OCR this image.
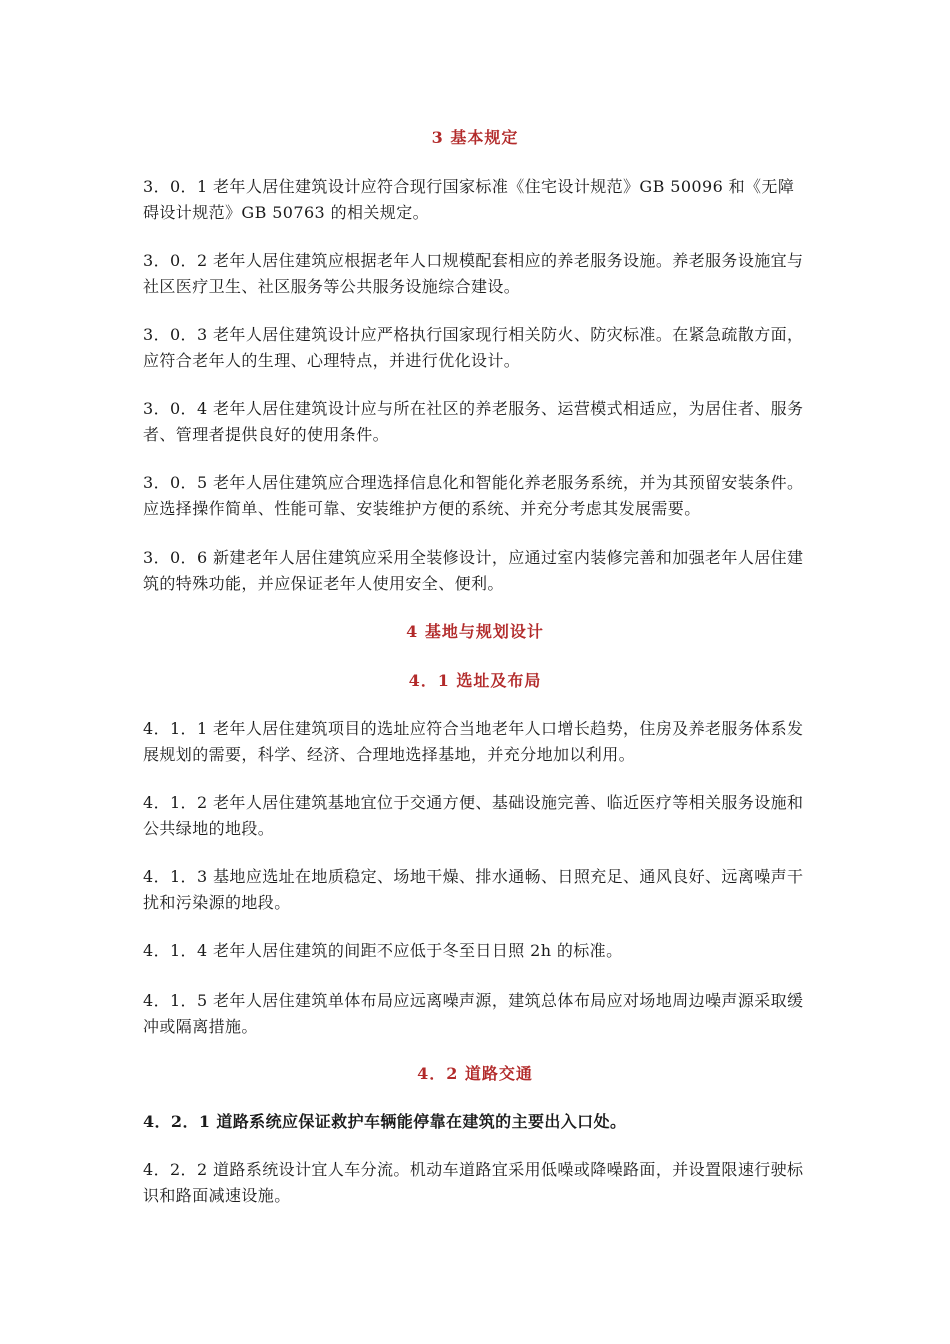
3 基本规定
3．0．1 老年人居住建筑设计应符合现行国家标准《住宅设计规范》GB 50096 和《无障碍设计规范》GB 50763 的相关规定。
3．0．2 老年人居住建筑应根据老年人口规模配套相应的养老服务设施。养老服务设施宜与社区医疗卫生、社区服务等公共服务设施综合建设。
3．0．3 老年人居住建筑设计应严格执行国家现行相关防火、防灾标准。在紧急疏散方面，应符合老年人的生理、心理特点，并进行优化设计。
3．0．4 老年人居住建筑设计应与所在社区的养老服务、运营模式相适应，为居住者、服务者、管理者提供良好的使用条件。
3．0．5 老年人居住建筑应合理选择信息化和智能化养老服务系统，并为其预留安装条件。应选择操作简单、性能可靠、安装维护方便的系统、并充分考虑其发展需要。
3．0．6 新建老年人居住建筑应采用全装修设计，应通过室内装修完善和加强老年人居住建筑的特殊功能，并应保证老年人使用安全、便利。
4 基地与规划设计
4．1 选址及布局
4．1．1 老年人居住建筑项目的选址应符合当地老年人口增长趋势，住房及养老服务体系发展规划的需要，科学、经济、合理地选择基地，并充分地加以利用。
4．1．2 老年人居住建筑基地宜位于交通方便、基础设施完善、临近医疗等相关服务设施和公共绿地的地段。
4．1．3 基地应选址在地质稳定、场地干燥、排水通畅、日照充足、通风良好、远离噪声干扰和污染源的地段。
4．1．4 老年人居住建筑的间距不应低于冬至日日照 2h 的标准。
4．1．5 老年人居住建筑单体布局应远离噪声源，建筑总体布局应对场地周边噪声源采取缓冲或隔离措施。
4．2 道路交通
4．2．1 道路系统应保证救护车辆能停靠在建筑的主要出入口处。
4．2．2 道路系统设计宜人车分流。机动车道路宜采用低噪或降噪路面，并设置限速行驶标识和路面减速设施。
